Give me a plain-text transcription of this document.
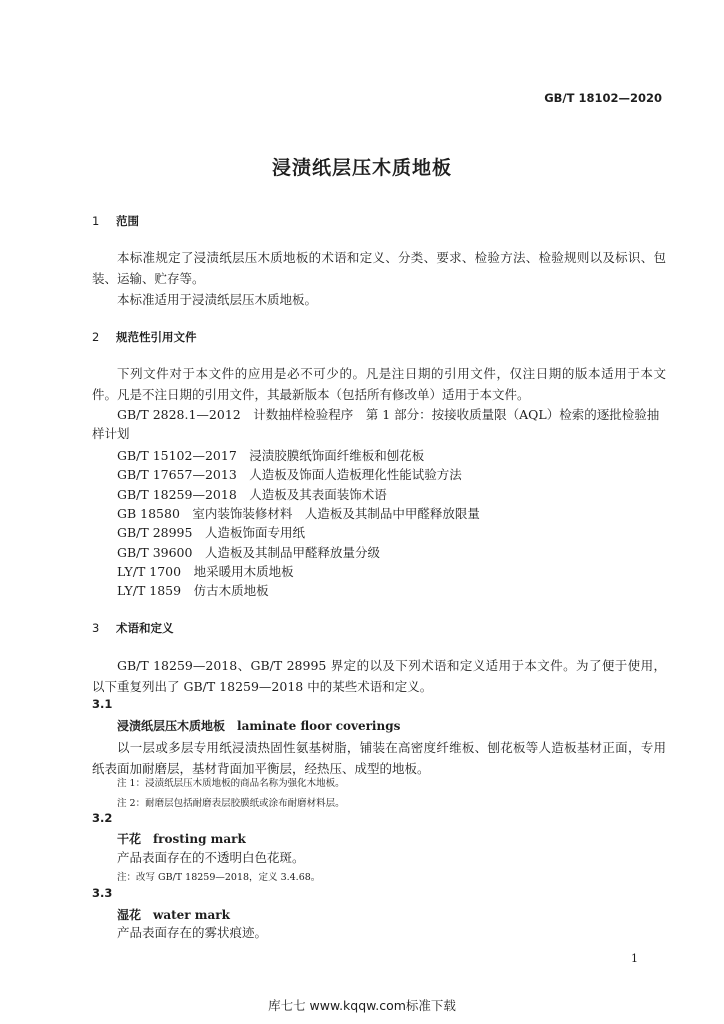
GB/T 18102—2020
浸渍纸层压木质地板
1 范围

本标准规定了浸渍纸层压木质地板的术语和定义、分类、要求、检验方法、检验规则以及标识、包装、运输、贮存等。

本标准适用于浸渍纸层压木质地板。

2 规范性引用文件

下列文件对于本文件的应用是必不可少的。凡是注日期的引用文件，仅注日期的版本适用于本文件。凡是不注日期的引用文件，其最新版本（包括所有修改单）适用于本文件。

GB/T 2828.1—2012　计数抽样检验程序　第 1 部分：按接收质量限（AQL）检索的逐批检验抽样计划

GB/T 15102—2017　浸渍胶膜纸饰面纤维板和刨花板
GB/T 17657—2013　人造板及饰面人造板理化性能试验方法
GB/T 18259—2018　人造板及其表面装饰术语
GB 18580　室内装饰装修材料　人造板及其制品中甲醛释放限量
GB/T 28995　人造板饰面专用纸
GB/T 39600　人造板及其制品甲醛释放量分级
LY/T 1700　地采暖用木质地板
LY/T 1859　仿古木质地板
3 术语和定义

GB/T 18259—2018、GB/T 28995 界定的以及下列术语和定义适用于本文件。为了便于使用，以下重复列出了 GB/T 18259—2018 中的某些术语和定义。

3.1
浸渍纸层压木质地板 laminate floor coverings

以一层或多层专用纸浸渍热固性氨基树脂，铺装在高密度纤维板、刨花板等人造板基材正面，专用纸表面加耐磨层，基材背面加平衡层，经热压、成型的地板。

注 1：浸渍纸层压木质地板的商品名称为强化木地板。
注 2：耐磨层包括耐磨表层胶膜纸或涂布耐磨材料层。
3.2
干花 frosting mark

产品表面存在的不透明白色花斑。

注：改写 GB/T 18259—2018，定义 3.4.68。
3.3
湿花 water mark

产品表面存在的雾状痕迹。

1
库七七 www.kqqw.com标准下载
